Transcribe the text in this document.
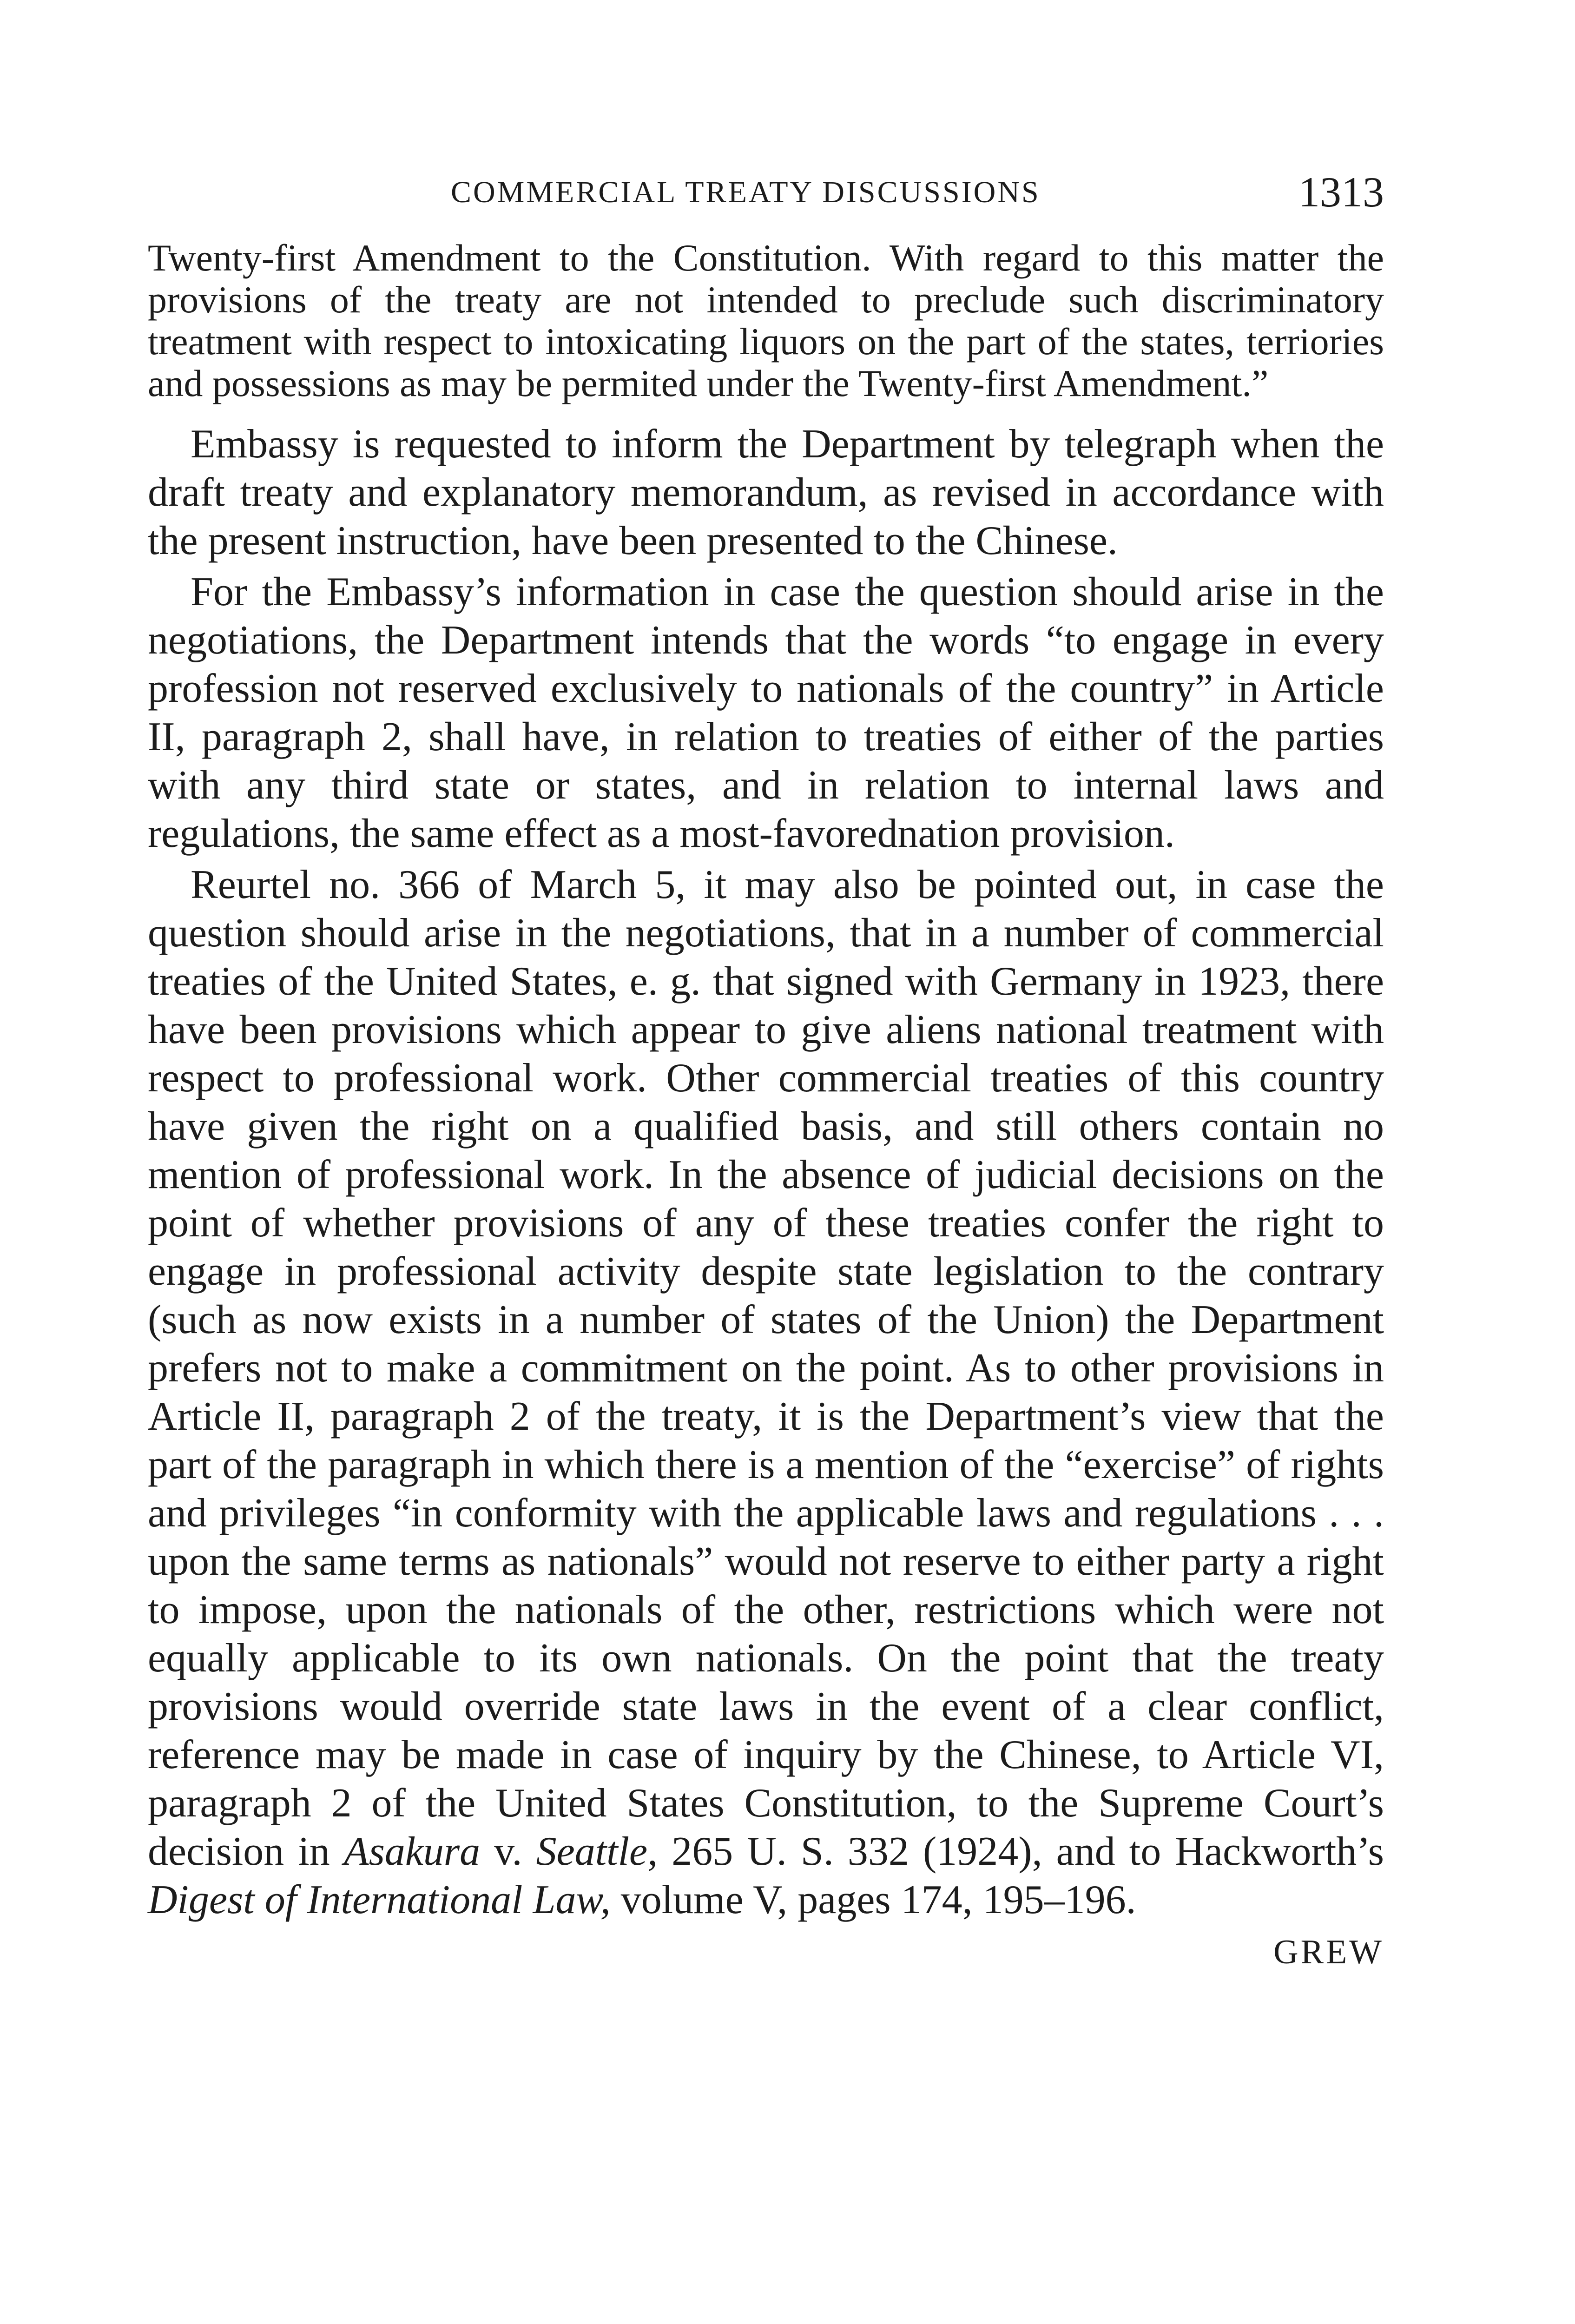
COMMERCIAL TREATY DISCUSSIONS	1313

Twenty-first Amendment to the Constitution. With regard to this matter the provisions of the treaty are not intended to preclude such discriminatory treatment with respect to intoxicating liquors on the part of the states, terriories and possessions as may be permited under the Twenty-first Amendment.”

Embassy is requested to inform the Department by telegraph when the draft treaty and explanatory memorandum, as revised in accordance with the present instruction, have been presented to the Chinese.

For the Embassy’s information in case the question should arise in the negotiations, the Department intends that the words “to engage in every profession not reserved exclusively to nationals of the country” in Article II, paragraph 2, shall have, in relation to treaties of either of the parties with any third state or states, and in relation to internal laws and regulations, the same effect as a most-favorednation provision.

Reurtel no. 366 of March 5, it may also be pointed out, in case the question should arise in the negotiations, that in a number of commercial treaties of the United States, e. g. that signed with Germany in 1923, there have been provisions which appear to give aliens national treatment with respect to professional work. Other commercial treaties of this country have given the right on a qualified basis, and still others contain no mention of professional work. In the absence of judicial decisions on the point of whether provisions of any of these treaties confer the right to engage in professional activity despite state legislation to the contrary (such as now exists in a number of states of the Union) the Department prefers not to make a commitment on the point. As to other provisions in Article II, paragraph 2 of the treaty, it is the Department’s view that the part of the paragraph in which there is a mention of the “exercise” of rights and privileges “in conformity with the applicable laws and regulations . . . upon the same terms as nationals” would not reserve to either party a right to impose, upon the nationals of the other, restrictions which were not equally applicable to its own nationals. On the point that the treaty provisions would override state laws in the event of a clear conflict, reference may be made in case of inquiry by the Chinese, to Article VI, paragraph 2 of the United States Constitution, to the Supreme Court’s decision in Asakura v. Seattle, 265 U. S. 332 (1924), and to Hackworth’s Digest of International Law, volume V, pages 174, 195–196.

GREW
